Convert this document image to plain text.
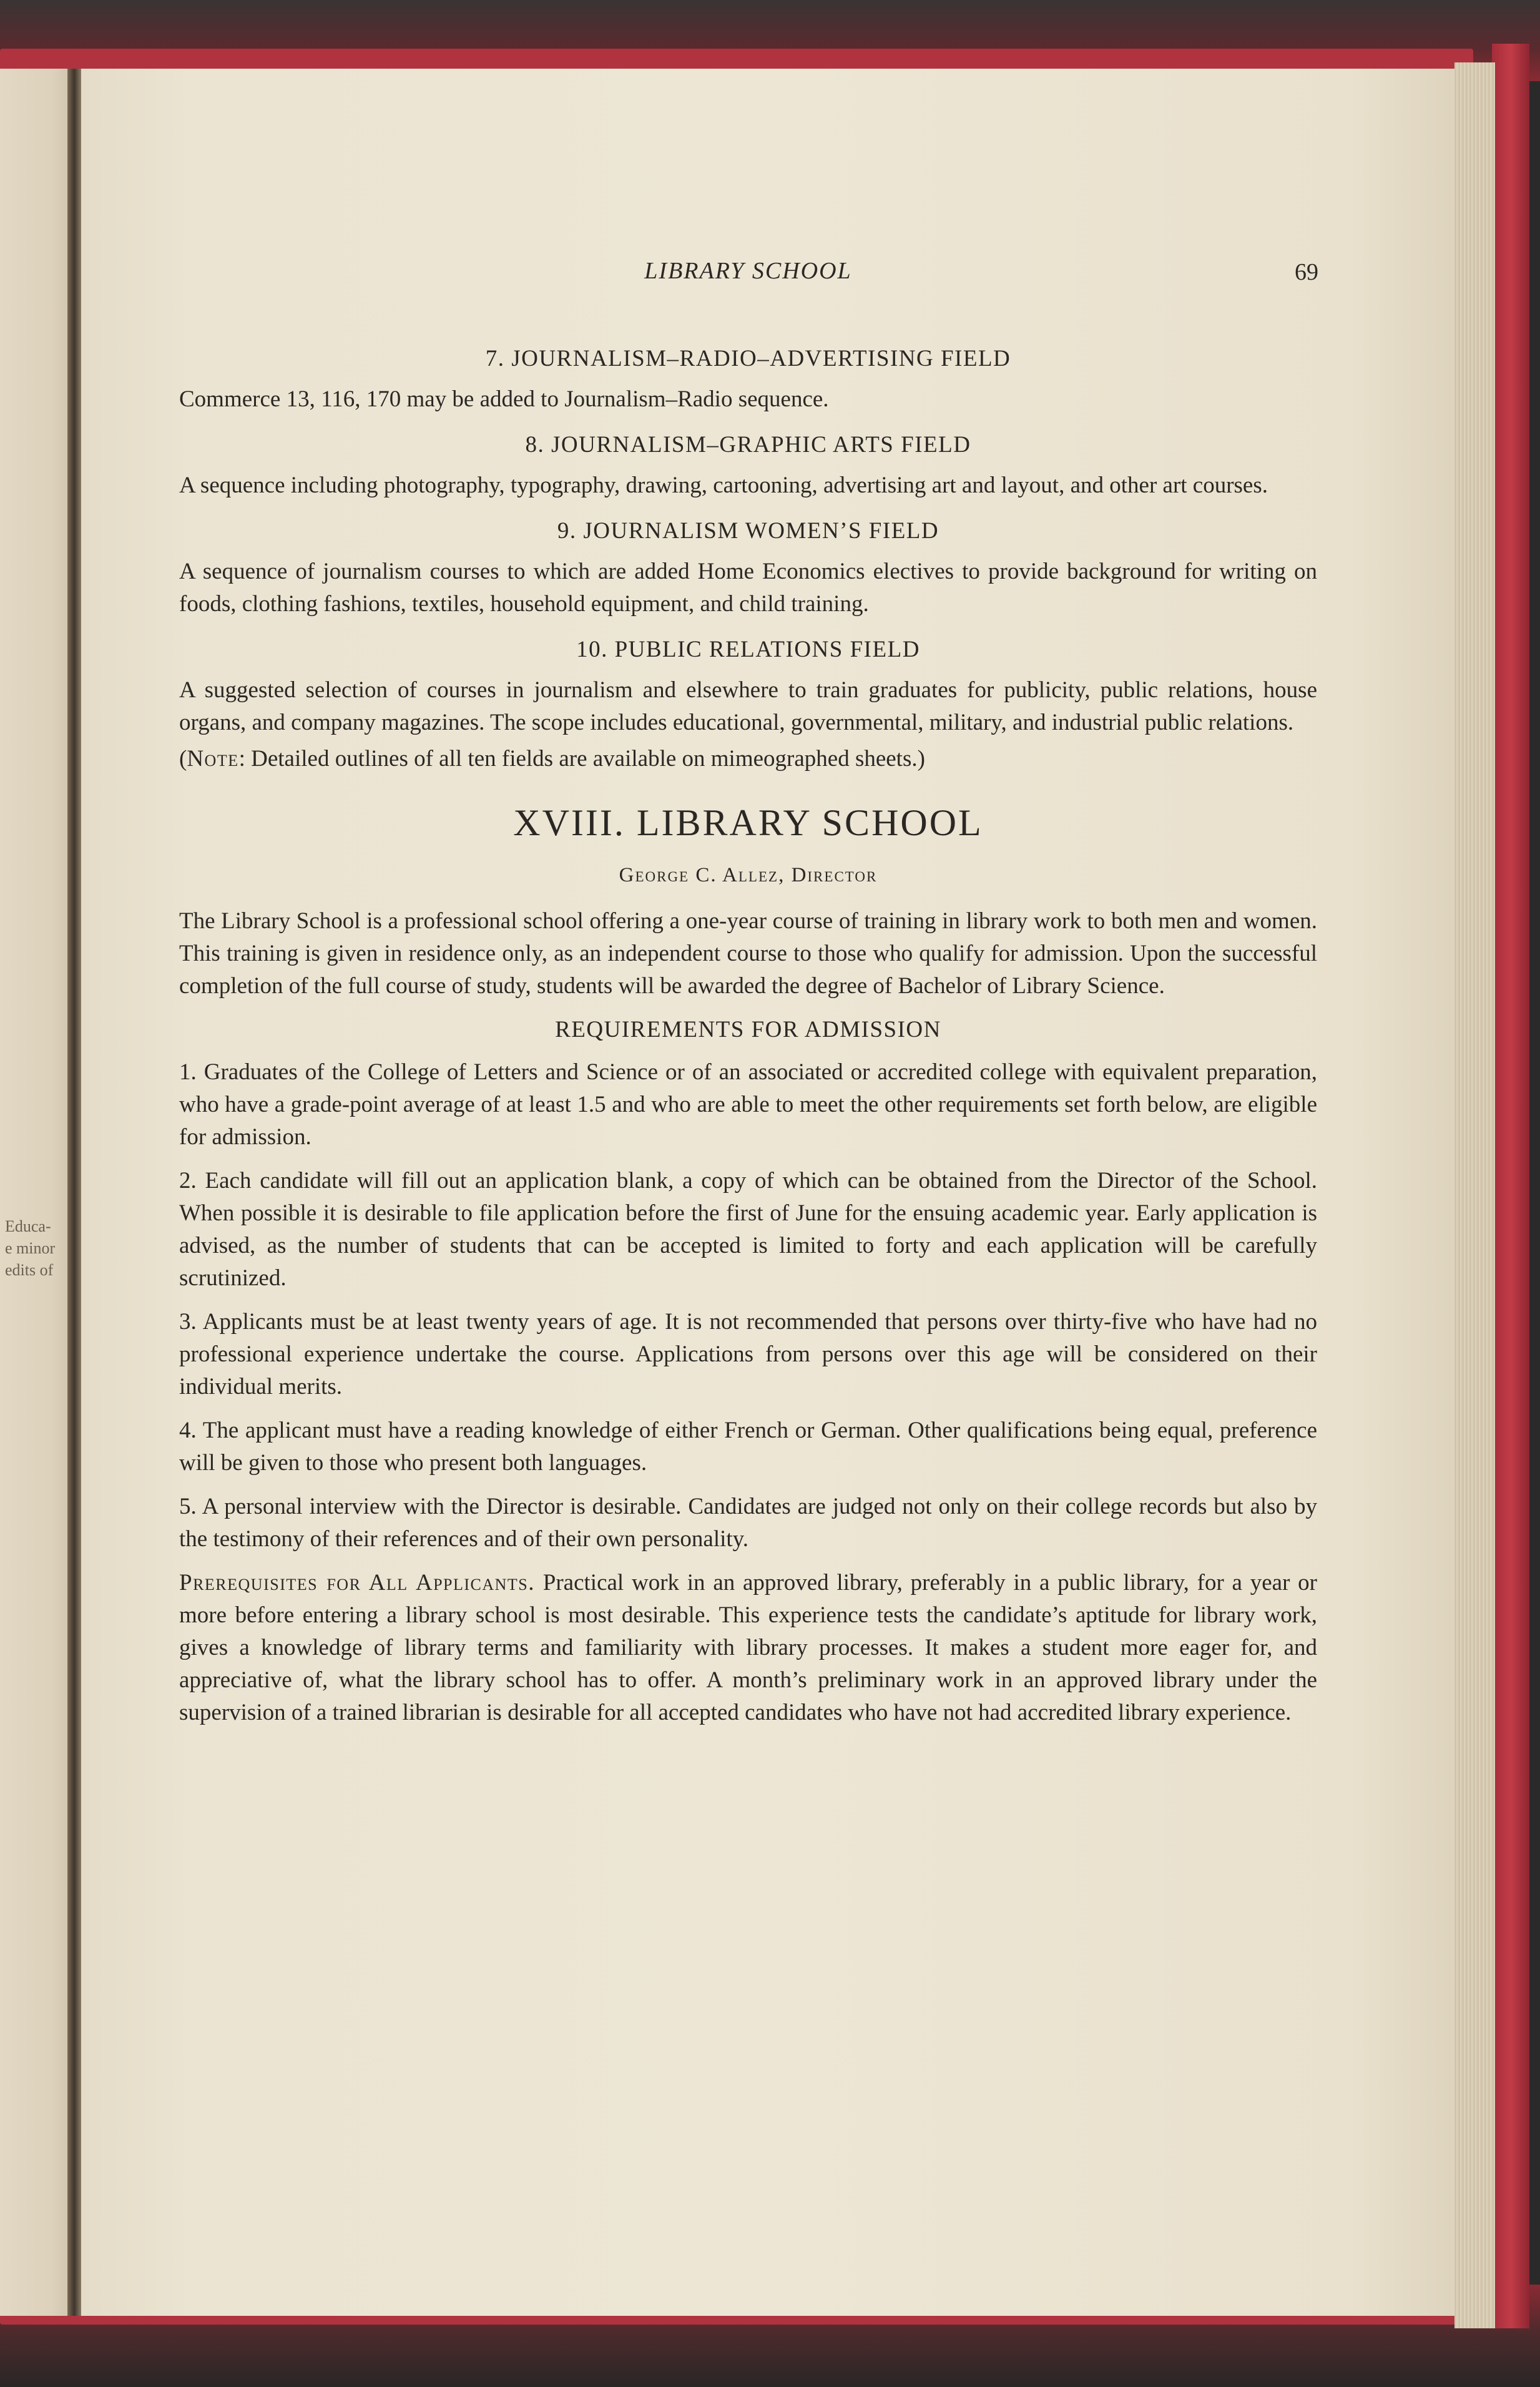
Educa-
e minor
edits of
LIBRARY SCHOOL	69
7. JOURNALISM–RADIO–ADVERTISING FIELD

Commerce 13, 116, 170 may be added to Journalism–Radio sequence.

8. JOURNALISM–GRAPHIC ARTS FIELD

A sequence including photography, typography, drawing, cartooning, advertising art and layout, and other art courses.

9. JOURNALISM WOMEN’S FIELD

A sequence of journalism courses to which are added Home Economics electives to provide background for writing on foods, clothing fashions, textiles, household equipment, and child training.

10. PUBLIC RELATIONS FIELD

A suggested selection of courses in journalism and elsewhere to train graduates for publicity, public relations, house organs, and company magazines. The scope includes educational, governmental, military, and industrial public relations.

(Note: Detailed outlines of all ten fields are available on mimeographed sheets.)

XVIII. LIBRARY SCHOOL
George C. Allez, Director

The Library School is a professional school offering a one-year course of training in library work to both men and women. This training is given in residence only, as an independent course to those who qualify for admission. Upon the successful completion of the full course of study, students will be awarded the degree of Bachelor of Library Science.

REQUIREMENTS FOR ADMISSION

1. Graduates of the College of Letters and Science or of an associated or accredited college with equivalent preparation, who have a grade-point average of at least 1.5 and who are able to meet the other requirements set forth below, are eligible for admission.

2. Each candidate will fill out an application blank, a copy of which can be obtained from the Director of the School. When possible it is desirable to file application before the first of June for the ensuing academic year. Early application is advised, as the number of students that can be accepted is limited to forty and each application will be carefully scrutinized.

3. Applicants must be at least twenty years of age. It is not recommended that persons over thirty-five who have had no professional experience undertake the course. Applications from persons over this age will be considered on their individual merits.

4. The applicant must have a reading knowledge of either French or German. Other qualifications being equal, preference will be given to those who present both languages.

5. A personal interview with the Director is desirable. Candidates are judged not only on their college records but also by the testimony of their references and of their own personality.

Prerequisites for All Applicants. Practical work in an approved library, preferably in a public library, for a year or more before entering a library school is most desirable. This experience tests the candidate’s aptitude for library work, gives a knowledge of library terms and familiarity with library processes. It makes a student more eager for, and appreciative of, what the library school has to offer. A month’s preliminary work in an approved library under the supervision of a trained librarian is desirable for all accepted candidates who have not had accredited library experience.
